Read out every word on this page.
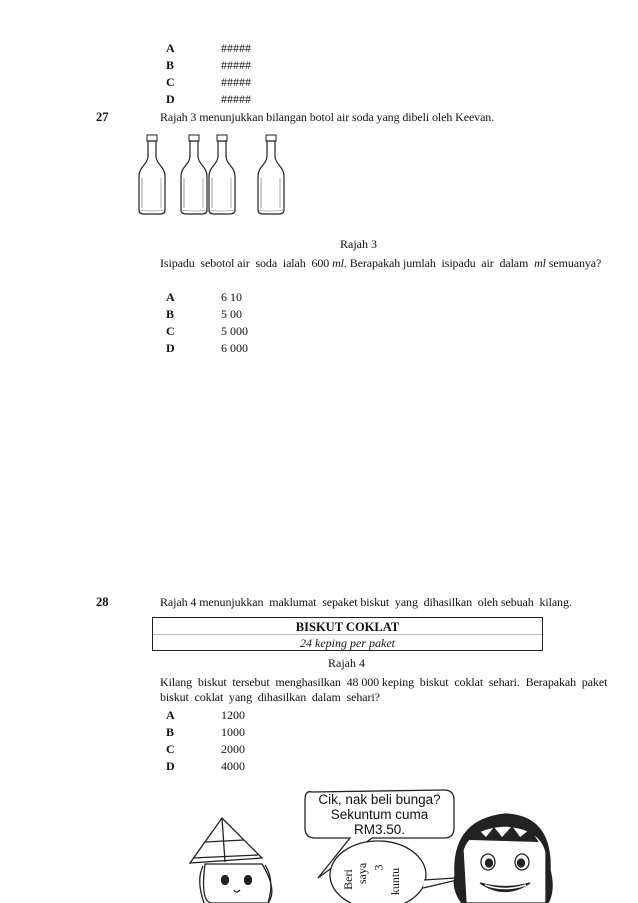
A	#####
B	#####
C	#####
D	#####
27	Rajah 3 menunjukkan bilangan botol air soda yang dibeli oleh Keevan.
Rajah 3
Isipadu  sebotol air  soda  ialah  600 ml. Berapakah jumlah  isipadu  air  dalam  ml semuanya?
A	6 10
B	5 00
C	5 000
D	6 000
28	Rajah 4 menunjukkan  maklumat  sepaket biskut  yang  dihasilkan  oleh sebuah  kilang.
BISKUT COKLAT
24 keping per paket
Rajah 4
Kilang  biskut  tersebut  menghasilkan  48 000 keping  biskut  coklat  sehari.  Berapakah  paket
biskut  coklat  yang  dihasilkan  dalam  sehari?
A	1200
B	1000
C	2000
D	4000
Cik, nak beli bunga?
Sekuntum cuma RM3.50.
Beri saya 3
kuntu
